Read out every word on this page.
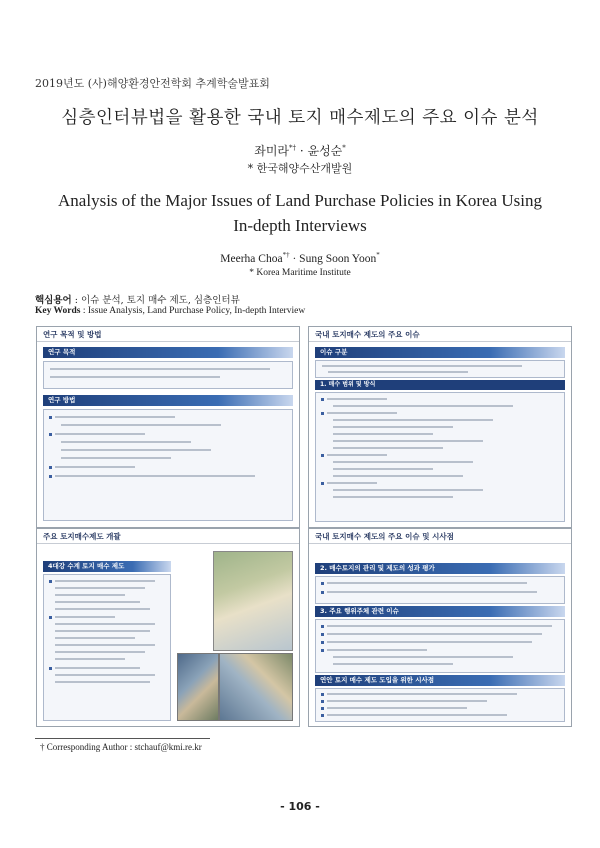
2019년도 (사)해양환경안전학회 추계학술발표회
심층인터뷰법을 활용한 국내 토지 매수제도의 주요 이슈 분석
좌미라*† · 윤성순*
* 한국해양수산개발원
Analysis of the Major Issues of Land Purchase Policies in Korea Using
In-depth Interviews
Meerha Choa*† · Sung Soon Yoon*
* Korea Maritime Institute
핵심용어 : 이슈 분석, 토지 매수 제도, 심층인터뷰
Key Words : Issue Analysis, Land Purchase Policy, In-depth Interview
연구 목적 및 방법
연구 목적
연구 방법
국내 토지매수 제도의 주요 이슈
이슈 구분
1. 매수 범위 및 방식
주요 토지매수제도 개괄
4대강 수계 토지 매수 제도
국내 토지매수 제도의 주요 이슈 및 시사점
2. 매수토지의 관리 및 제도의 성과 평가
3. 주요 행위주체 관련 이슈
연안 토지 매수 제도 도입을 위한 시사점
† Corresponding Author : stchauf@kmi.re.kr
- 106 -
